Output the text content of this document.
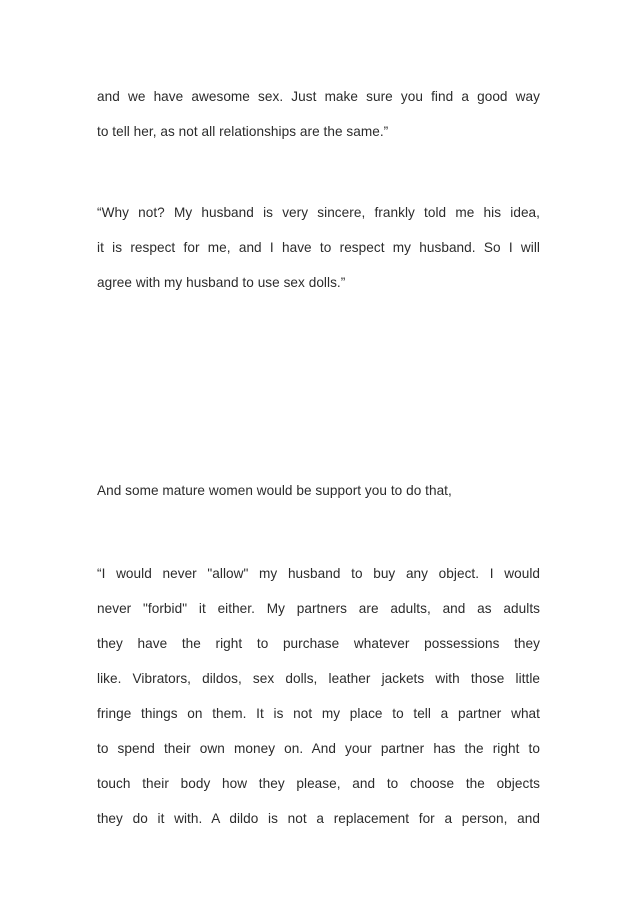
and we have awesome sex. Just make sure you find a good way
to tell her, as not all relationships are the same.”
“Why not? My husband is very sincere, frankly told me his idea,
it is respect for me, and I have to respect my husband. So I will
agree with my husband to use sex dolls.”
And some mature women would be support you to do that,
“I would never "allow" my husband to buy any object. I would
never "forbid" it either. My partners are adults, and as adults
they have the right to purchase whatever possessions they
like. Vibrators, dildos, sex dolls, leather jackets with those little
fringe things on them. It is not my place to tell a partner what
to spend their own money on. And your partner has the right to
touch their body how they please, and to choose the objects
they do it with. A dildo is not a replacement for a person, and
